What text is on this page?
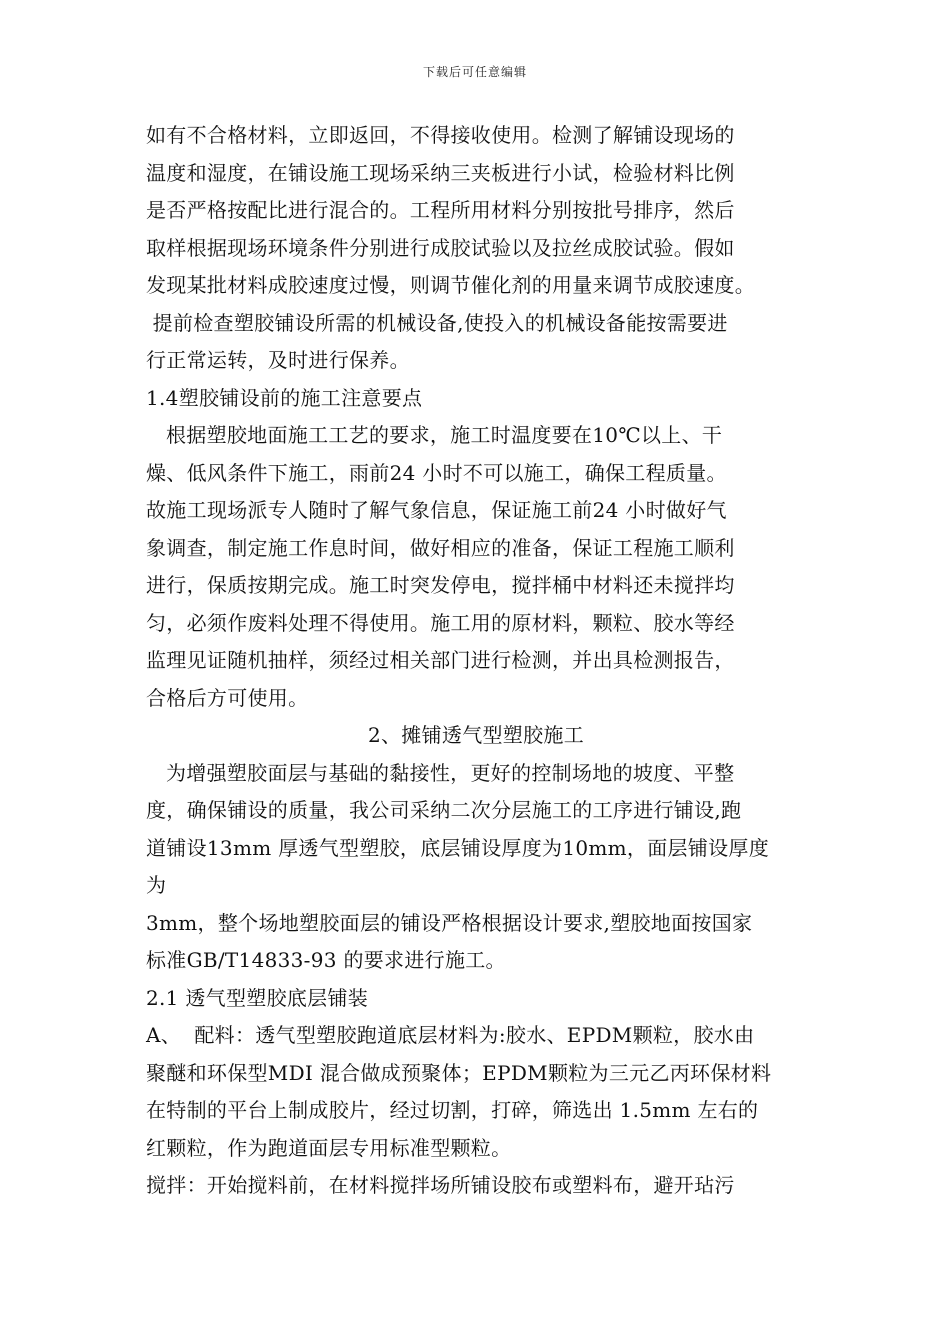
下载后可任意编辑
如有不合格材料，立即返回，不得接收使用。检测了解铺设现场的
温度和湿度，在铺设施工现场采纳三夹板进行小试，检验材料比例
是否严格按配比进行混合的。工程所用材料分别按批号排序，然后
取样根据现场环境条件分别进行成胶试验以及拉丝成胶试验。假如
发现某批材料成胶速度过慢，则调节催化剂的用量来调节成胶速度。
提前检查塑胶铺设所需的机械设备,使投入的机械设备能按需要进
行正常运转，及时进行保养。
1.4塑胶铺设前的施工注意要点
根据塑胶地面施工工艺的要求，施工时温度要在10℃以上、干
燥、低风条件下施工，雨前24 小时不可以施工，确保工程质量。
故施工现场派专人随时了解气象信息，保证施工前24 小时做好气
象调查，制定施工作息时间，做好相应的准备，保证工程施工顺利
进行，保质按期完成。施工时突发停电，搅拌桶中材料还未搅拌均
匀，必须作废料处理不得使用。施工用的原材料，颗粒、胶水等经
监理见证随机抽样，须经过相关部门进行检测，并出具检测报告，
合格后方可使用。
2、摊铺透气型塑胶施工
为增强塑胶面层与基础的黏接性，更好的控制场地的坡度、平整
度，确保铺设的质量，我公司采纳二次分层施工的工序进行铺设,跑
道铺设13mm 厚透气型塑胶，底层铺设厚度为10mm，面层铺设厚度
为
3mm，整个场地塑胶面层的铺设严格根据设计要求,塑胶地面按国家
标准GB/T14833-93 的要求进行施工。
2.1 透气型塑胶底层铺装
A、  配料：透气型塑胶跑道底层材料为:胶水、EPDM颗粒，胶水由
聚醚和环保型MDI 混合做成预聚体；EPDM颗粒为三元乙丙环保材料
在特制的平台上制成胶片，经过切割，打碎，筛选出 1.5mm 左右的
红颗粒，作为跑道面层专用标准型颗粒。
搅拌：开始搅料前，在材料搅拌场所铺设胶布或塑料布，避开玷污
